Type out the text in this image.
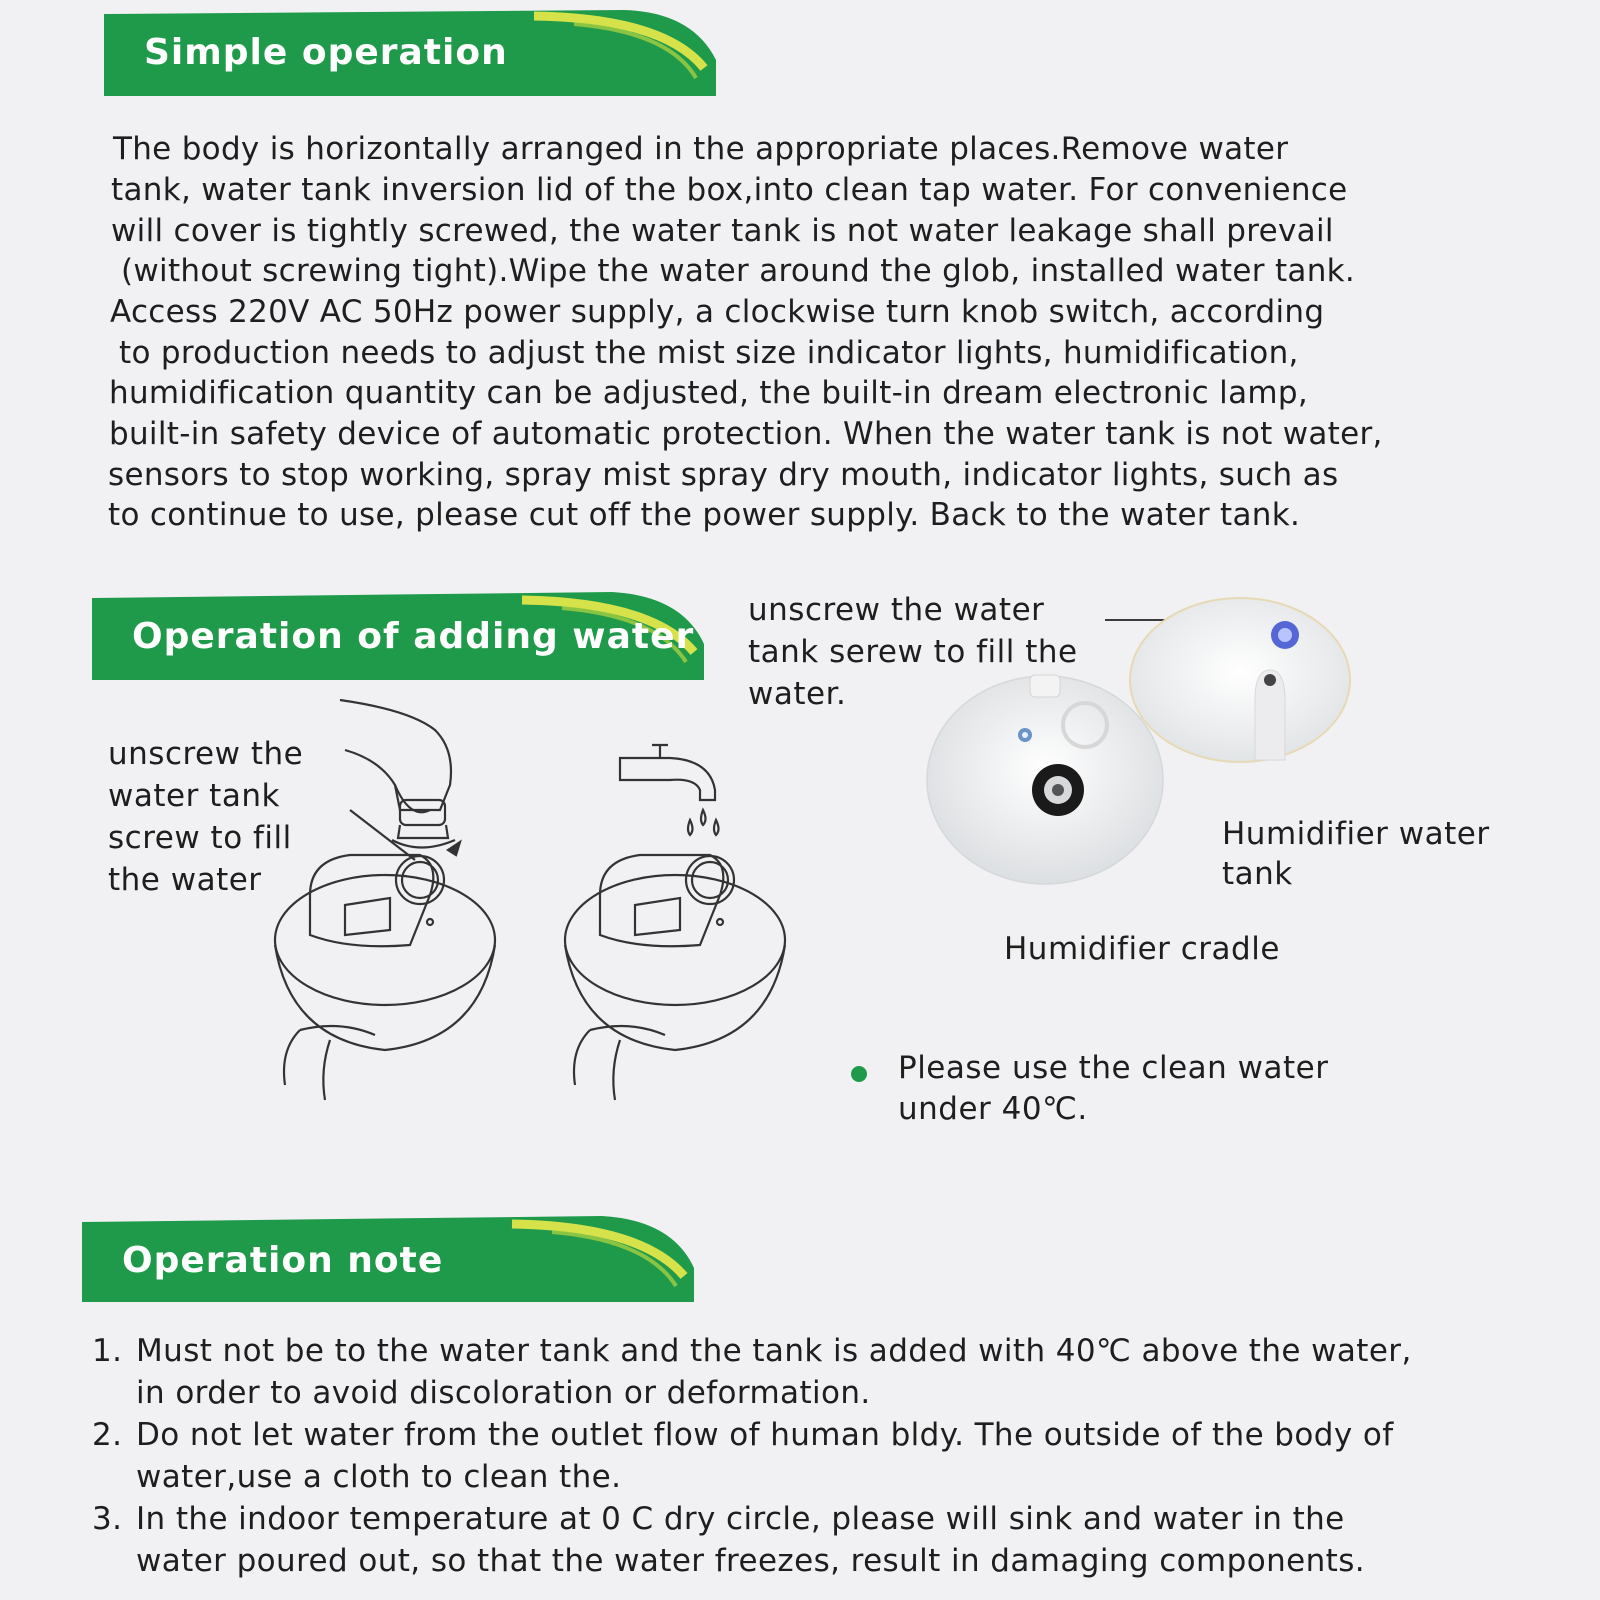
Simple operation
The body is horizontally arranged in the appropriate places.Remove water
tank, water tank inversion lid of the box,into clean tap water. For convenience
will cover is tightly screwed, the water tank is not water leakage shall prevail
(without screwing tight).Wipe the water around the glob, installed water tank.
Access 220V AC 50Hz power supply, a clockwise turn knob switch, according
to production needs to adjust the mist size indicator lights, humidification,
humidification quantity can be adjusted, the built-in dream electronic lamp,
built-in safety device of automatic protection. When the water tank is not water,
sensors to stop working, spray mist spray dry mouth, indicator lights, such as
to continue to use, please cut off the power supply. Back to the water tank.
Operation of adding water
unscrew the
water tank
screw to fill
the water
unscrew the water
tank serew to fill the
water.
Humidifier water
tank
Humidifier cradle
Please use the clean water
under 40℃.
Operation note
1. Must not be to the water tank and the tank is added with 40℃ above the water,
in order to avoid discoloration or deformation.
2. Do not let water from the outlet flow of human bldy. The outside of the body of
water,use a cloth to clean the.
3. In the indoor temperature at 0 C dry circle, please will sink and water in the
water poured out, so that the water freezes, result in damaging components.
